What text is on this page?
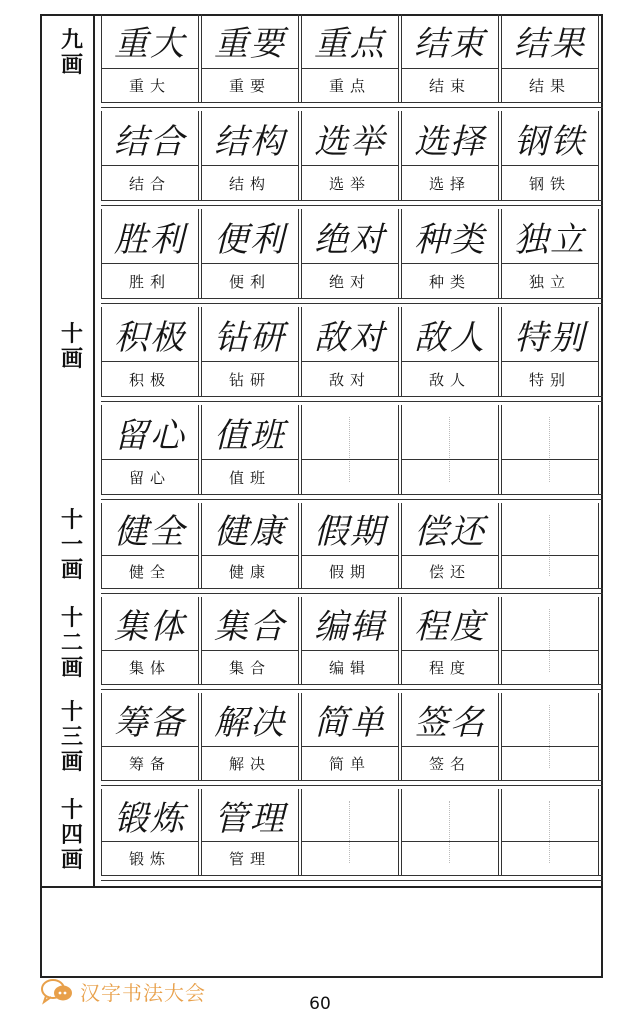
九画
十画
十一画
十二画
十三画
十四画
重大
重大
重要
重要
重点
重点
结束
结束
结果
结果
结合
结合
结构
结构
选举
选举
选择
选择
钢铁
钢铁
胜利
胜利
便利
便利
绝对
绝对
种类
种类
独立
独立
积极
积极
钻研
钻研
敌对
敌对
敌人
敌人
特别
特别
留心
留心
值班
值班
健全
健全
健康
健康
假期
假期
偿还
偿还
集体
集体
集合
集合
编辑
编辑
程度
程度
筹备
筹备
解决
解决
简单
简单
签名
签名
锻炼
锻炼
管理
管理
汉字书法大会	60
